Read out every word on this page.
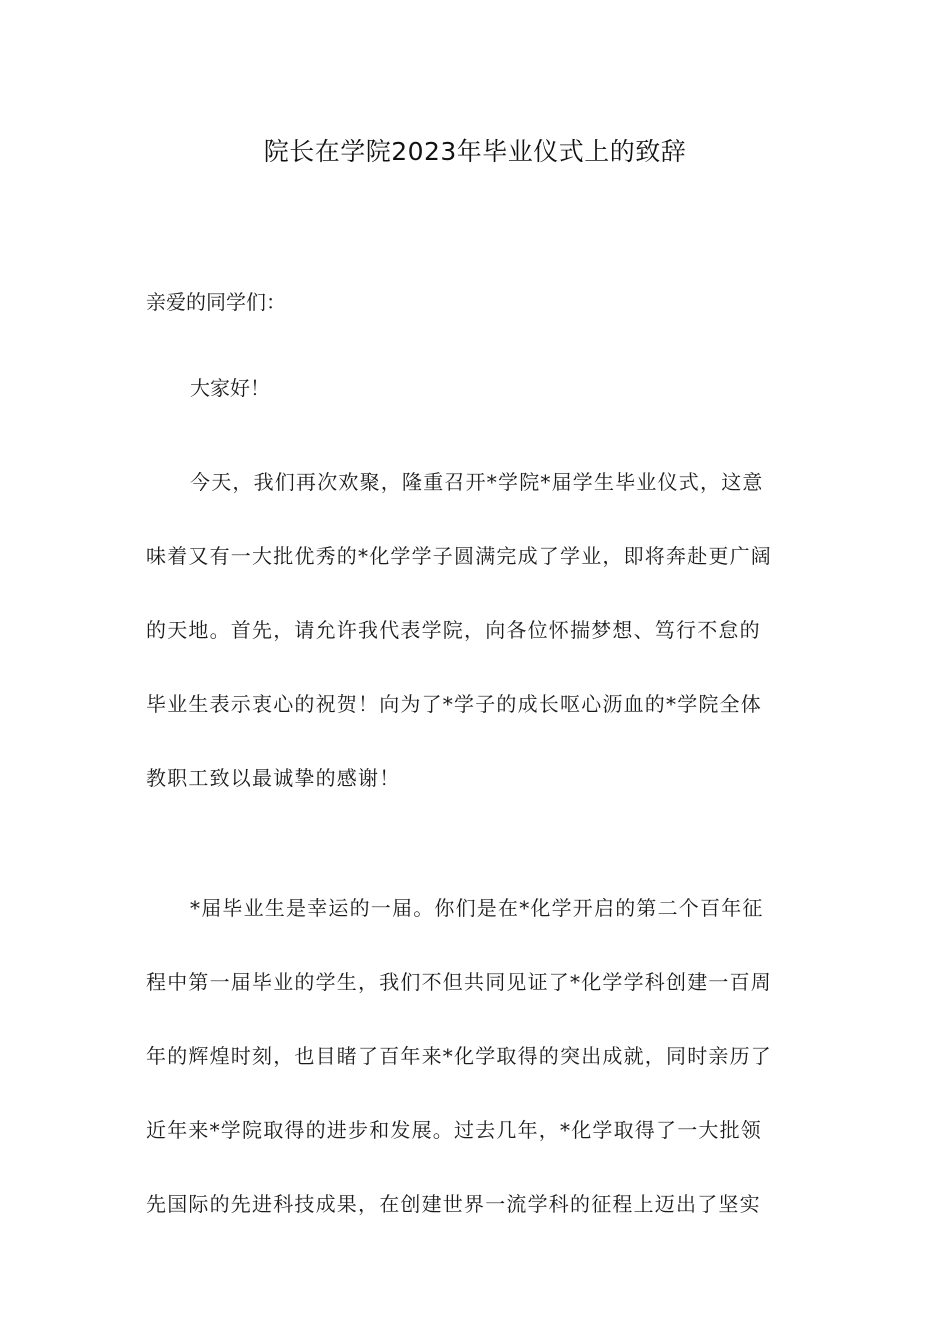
院长在学院2023年毕业仪式上的致辞

亲爱的同学们：

大家好！

今天，我们再次欢聚，隆重召开*学院*届学生毕业仪式，这意
味着又有一大批优秀的*化学学子圆满完成了学业，即将奔赴更广阔
的天地。首先，请允许我代表学院，向各位怀揣梦想、笃行不怠的
毕业生表示衷心的祝贺！向为了*学子的成长呕心沥血的*学院全体
教职工致以最诚挚的感谢！

*届毕业生是幸运的一届。你们是在*化学开启的第二个百年征
程中第一届毕业的学生，我们不但共同见证了*化学学科创建一百周
年的辉煌时刻，也目睹了百年来*化学取得的突出成就，同时亲历了
近年来*学院取得的进步和发展。过去几年，*化学取得了一大批领
先国际的先进科技成果，在创建世界一流学科的征程上迈出了坚实
